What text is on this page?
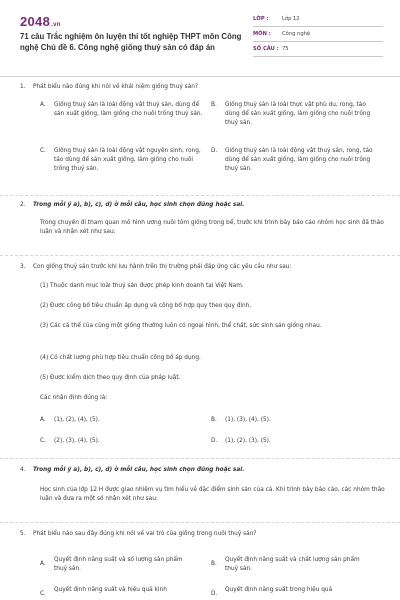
2048.vn
71 câu Trắc nghiệm ôn luyện thi tốt nghiệp THPT môn Công nghệ Chủ đề 6. Công nghệ giống thuỷ sản có đáp án
LỚP :	Lớp 12
MÔN :	Công nghệ
SỐ CÂU : 75
1. Phát biểu nào đúng khi nói về khái niệm giống thuỷ sản?
A. Giống thuỷ sản là loài động vật thuỷ sản, dùng để sản xuất giống, làm giống cho nuôi trồng thuỷ sản.
B. Giống thuỷ sản là loài thực vật phù du, rong, tảo dùng để sản xuất giống, làm giống cho nuôi trồng thuỷ sản.
C. Giống thuỷ sản là loài động vật nguyên sinh, rong, tảo dùng để sản xuất giống, làm giống cho nuôi trồng thuỷ sản.
D. Giống thuỷ sản là loài động vật thuỷ sản, rong, tảo dùng để sản xuất giống, làm giống cho nuôi trồng thuỷ sản.
2. Trong mỗi ý a), b), c), d) ở mỗi câu, học sinh chọn đúng hoặc sai.
Trong chuyến đi tham quan mô hình ương nuôi tôm giống trong bể, trước khi trình bày báo cáo nhóm học sinh đã thảo luận và nhận xét như sau:
3. Con giống thuỷ sản trước khi lưu hành trên thị trường phải đáp ứng các yêu cầu như sau:
(1) Thuộc danh mục loài thuỷ sản được phép kinh doanh tại Việt Nam.
(2) Được công bố tiêu chuẩn áp dụng và công bố hợp quy theo quy định.
(3) Các cá thể của cùng một giống thường luôn có ngoại hình, thể chất, sức sinh sản giống nhau.
(4) Có chất lượng phù hợp tiêu chuẩn công bố áp dụng.
(5) Được kiểm dịch theo quy định của pháp luật.
Các nhận định đúng là:
A. (1), (2), (4), (5).	B. (1), (3), (4), (5).
C. (2), (3), (4), (5).	D. (1), (2), (3), (5).
4. Trong mỗi ý a), b), c), d) ở mỗi câu, học sinh chọn đúng hoặc sai.
Học sinh của lớp 12 H được giao nhiệm vụ tìm hiểu về đặc điểm sinh sản của cá. Khi trình bày báo cáo, các nhóm thảo luận và đưa ra một số nhận xét như sau:
5. Phát biểu nào sau đây đúng khi nói về vai trò của giống trong nuôi thuỷ sản?
A.
Quyết định năng suất và số lượng sản phẩm thuỷ sản.
B.
Quyết định năng suất và chất lượng sản phẩm thuỷ sản.
C.
Quyết định năng suất và hiệu quả kinh
D.
Quyết định năng suất trong hiệu quả
